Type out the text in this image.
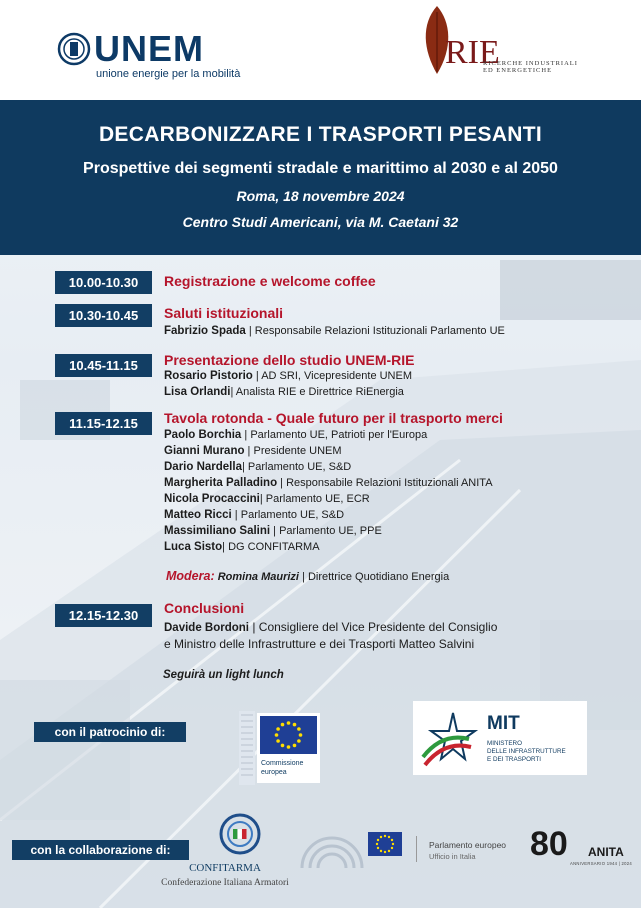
UNEM
unione energie per la mobilità
RIE
RICERCHE INDUSTRIALI
ED ENERGETICHE
DECARBONIZZARE I TRASPORTI PESANTI
Prospettive dei segmenti stradale e marittimo al 2030 e al 2050
Roma, 18 novembre 2024
Centro Studi Americani, via M. Caetani 32
10.00-10.30	Registrazione e welcome coffee
10.30-10.45	Saluti istituzionali
Fabrizio Spada | Responsabile Relazioni Istituzionali Parlamento UE
10.45-11.15	Presentazione dello studio UNEM-RIE
Rosario Pistorio | AD SRI, Vicepresidente UNEM
Lisa Orlandi| Analista RIE e Direttrice RiEnergia
11.15-12.15	Tavola rotonda - Quale futuro per il trasporto merci
Paolo Borchia | Parlamento UE, Patrioti per l'Europa
Gianni Murano | Presidente UNEM
Dario Nardella| Parlamento UE, S&D
Margherita Palladino | Responsabile Relazioni Istituzionali ANITA
Nicola Procaccini| Parlamento UE, ECR
Matteo Ricci | Parlamento UE, S&D
Massimiliano Salini | Parlamento UE, PPE
Luca Sisto| DG CONFITARMA
Modera: Romina Maurizi | Direttrice Quotidiano Energia
12.15-12.30	Conclusioni
Davide Bordoni | Consigliere del Vice Presidente del Consiglio
e Ministro delle Infrastrutture e dei Trasporti Matteo Salvini
Seguirà un light lunch
con il patrocinio di:
Commissione
europea
MIT
MINISTERO
DELLE INFRASTRUTTURE
E DEI TRASPORTI
con la collaborazione di:
CONFITARMA
Confederazione Italiana Armatori
Parlamento europeo
Ufficio in Italia 80 ANITA
ANNIVERSARIO 1944 | 2024
